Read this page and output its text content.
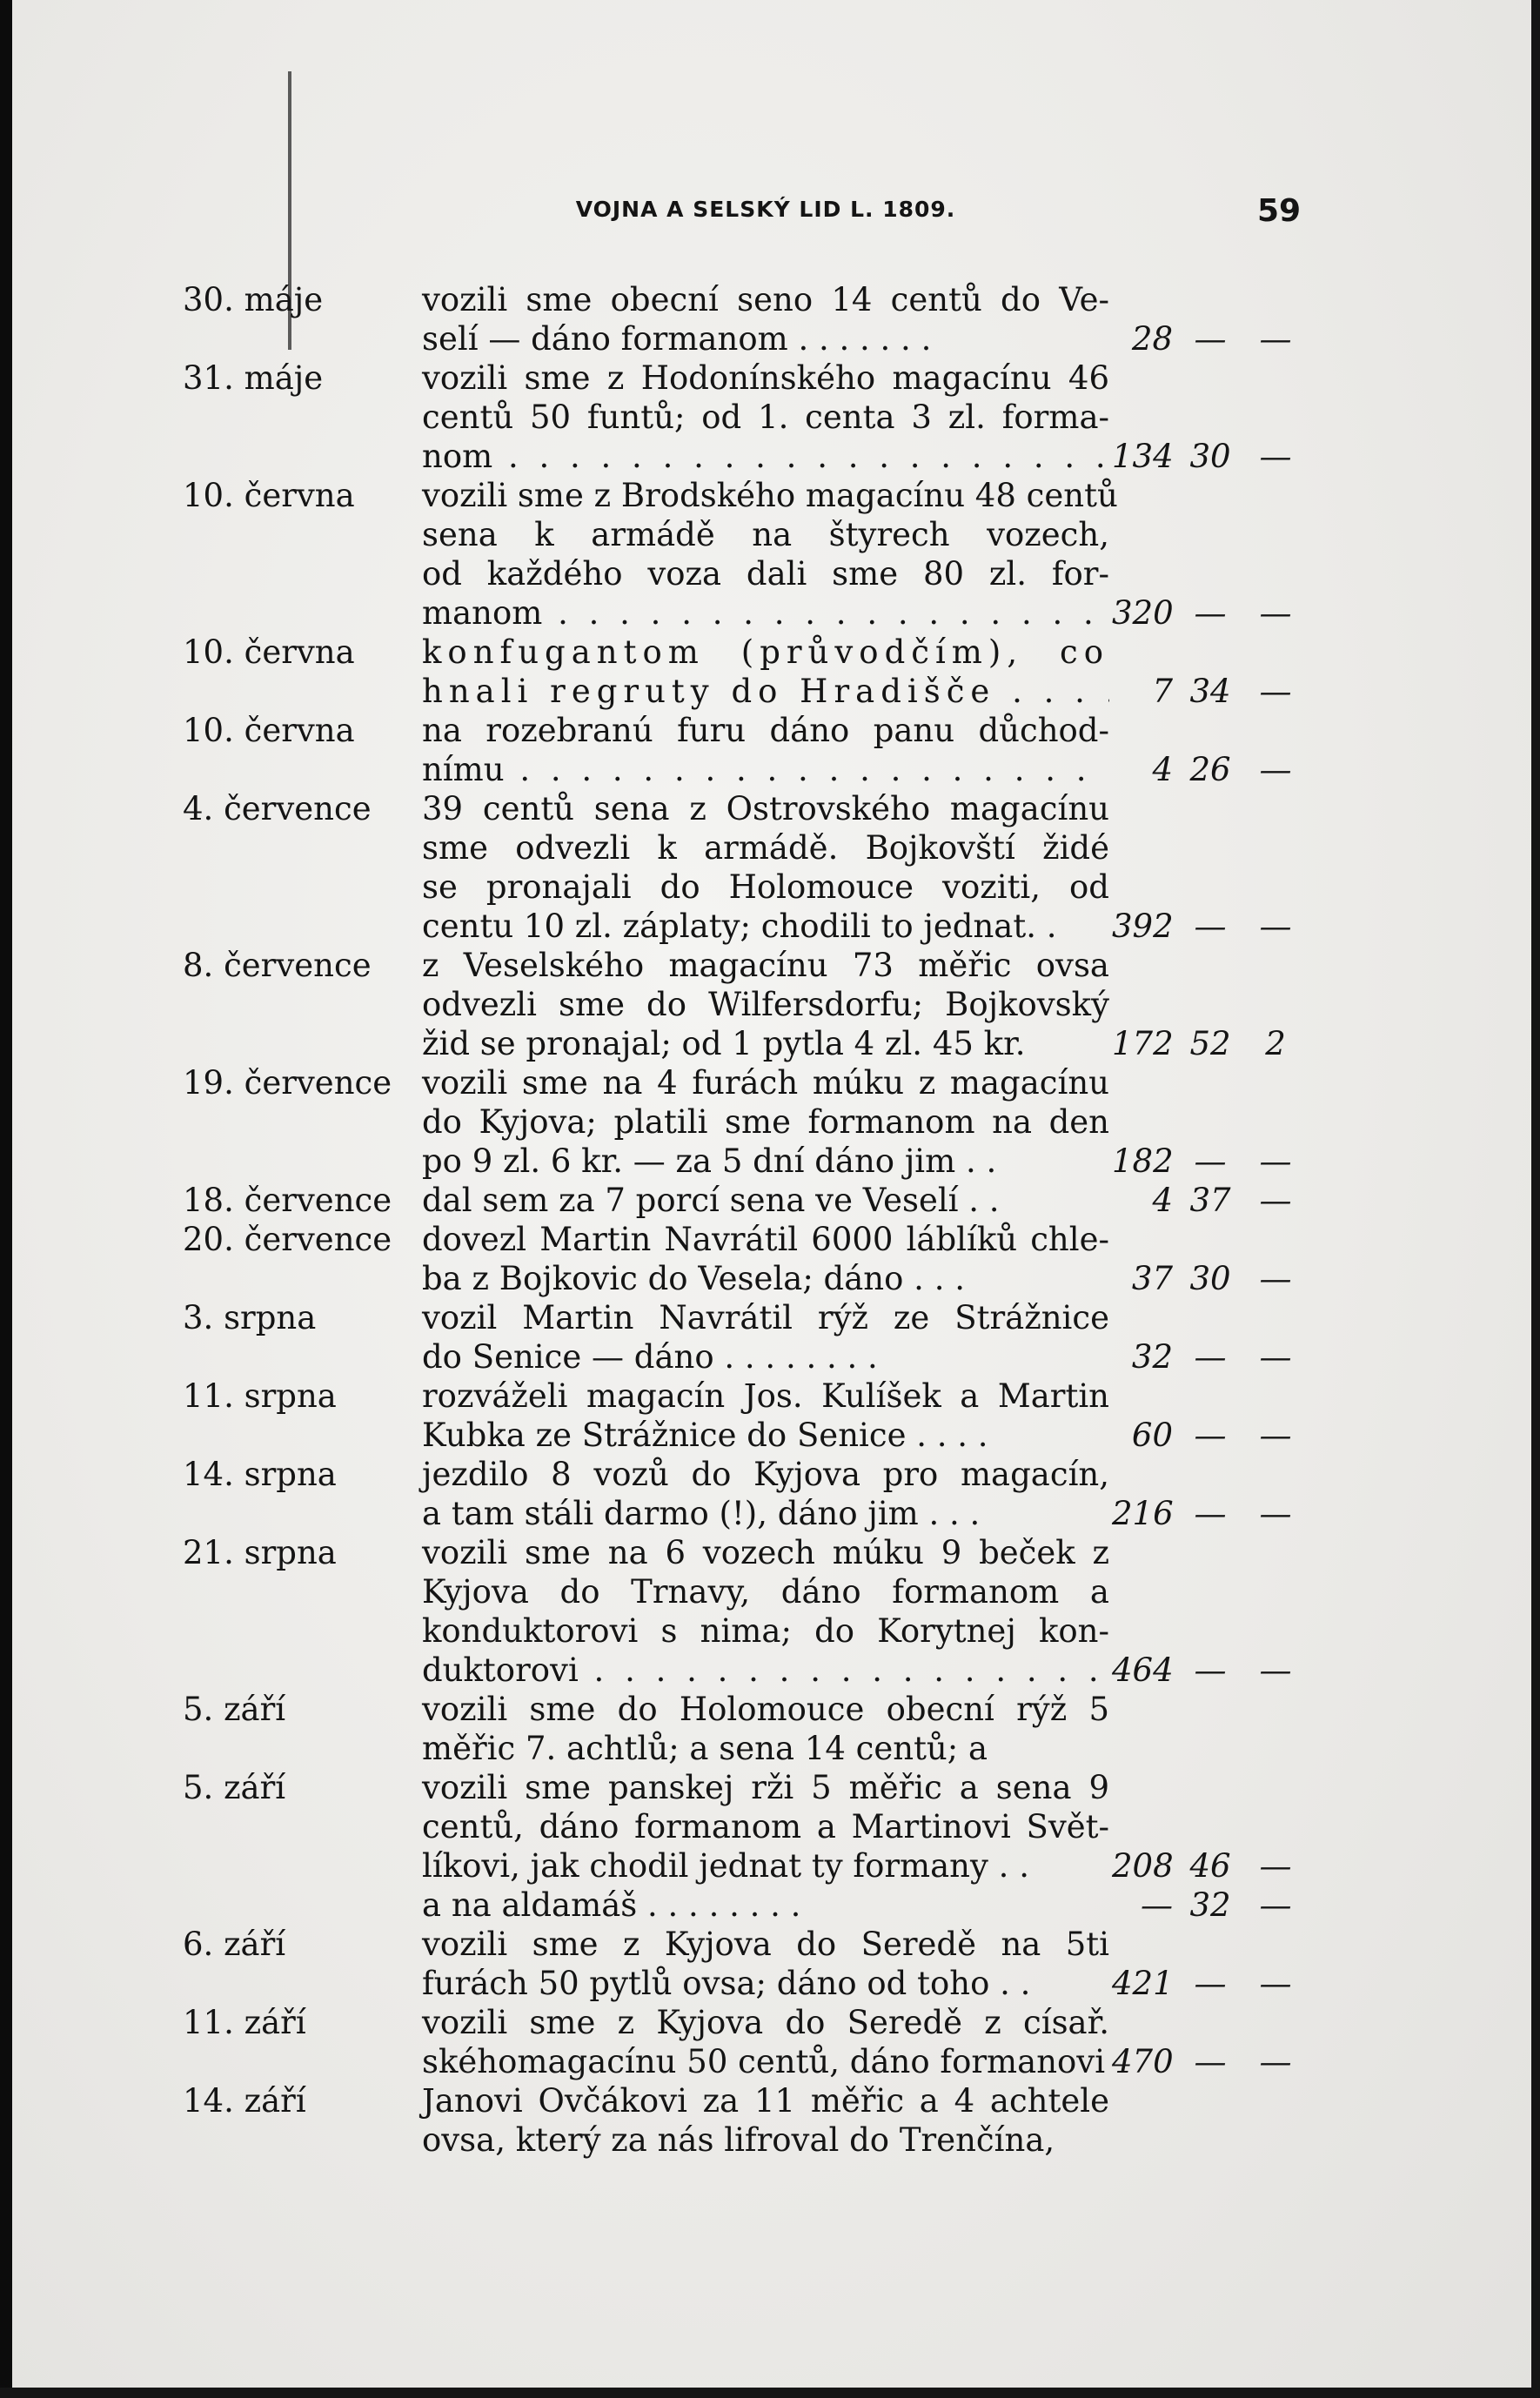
VOJNA A SELSKÝ LID L. 1809.	59
30. máje	vozili sme obecní seno 14 centů do Ve-
selí — dáno formanom . . . . . . .	28 —	—
31. máje	vozili sme z Hodonínského magacínu 46
centů 50 funtů; od 1. centa 3 zl. forma-
nom . . .	134 30 —
10. června	vozili sme z Brodského magacínu 48 centů
sena k armádě na štyrech vozech,
od každého voza dali sme 80 zl. for-
manom . . .	320 —	—
10. června	konfugantom (průvodčím), co
hnali regruty do Hradišče . . . .	7 34 —
10. června	na rozebranú furu dáno panu důchod-
nímu . . .	4 26 —
4. července	39 centů sena z Ostrovského magacínu
sme odvezli k armádě. Bojkovští židé
se pronajali do Holomouce voziti, od
centu 10 zl. záplaty; chodili to jednat. .	392 —	—
8. července	z Veselského magacínu 73 měřic ovsa
odvezli sme do Wilfersdorfu; Bojkovský
žid se pronajal; od 1 pytla 4 zl. 45 kr.	172 52	2
19. července vozili sme na 4 furách múku z magacínu
do Kyjova; platili sme formanom na den
po 9 zl. 6 kr. — za 5 dní dáno jim . .	182 —	—
18. července dal sem za 7 porcí sena ve Veselí . .	4 37 —
20. července dovezl Martin Navrátil 6000 láblíků chle-
ba z Bojkovic do Vesela; dáno . . .	37 30 —
3. srpna	vozil Martin Navrátil rýž ze Strážnice
do Senice — dáno . . . . . . . .	32 —	—
11. srpna	rozváželi magacín Jos. Kulíšek a Martin
Kubka ze Strážnice do Senice . . . .	60 —	—
14. srpna	jezdilo 8 vozů do Kyjova pro magacín,
a tam stáli darmo (!), dáno jim . . .	216 —	—
21. srpna	vozili sme na 6 vozech múku 9 beček z
Kyjova do Trnavy, dáno formanom a
konduktorovi s nima; do Korytnej kon-
duktorovi . . .	464 —	—
5. září	vozili sme do Holomouce obecní rýž 5
měřic 7. achtlů; a sena 14 centů; a
5. září	vozili sme panskej rži 5 měřic a sena 9
centů, dáno formanom a Martinovi Svět-
líkovi, jak chodil jednat ty formany . .	208 46 —
a na aldamáš . . . . . . . .	— 32 —
6. září	vozili sme z Kyjova do Seredě na 5ti
furách 50 pytlů ovsa; dáno od toho . .	421 —	—
11. září	vozili sme z Kyjova do Seredě z císař.
skéhomagacínu 50 centů, dáno formanovi 470 —	—
14. září	Janovi Ovčákovi za 11 měřic a 4 achtele
ovsa, který za nás lifroval do Trenčína,
